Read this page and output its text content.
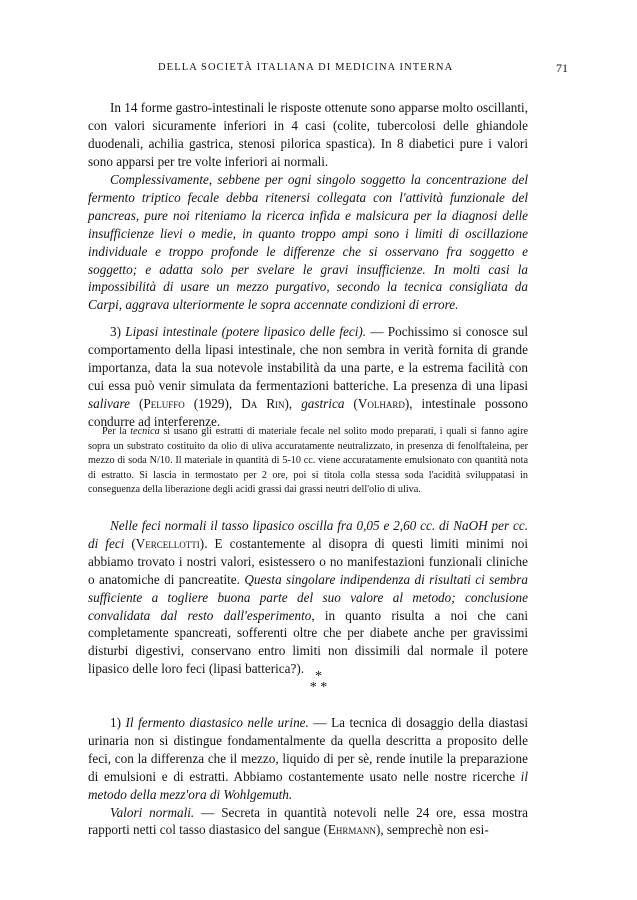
DELLA SOCIETÀ ITALIANA DI MEDICINA INTERNA	71

In 14 forme gastro-intestinali le risposte ottenute sono apparse molto oscillanti, con valori sicuramente inferiori in 4 casi (colite, tubercolosi delle ghiandole duodenali, achilia gastrica, stenosi pilorica spastica). In 8 diabetici pure i valori sono apparsi per tre volte inferiori ai normali.

Complessivamente, sebbene per ogni singolo soggetto la concentrazione del fermento triptico fecale debba ritenersi collegata con l'attività funzionale del pancreas, pure noi riteniamo la ricerca infida e malsicura per la diagnosi delle insufficienze lievi o medie, in quanto troppo ampi sono i limiti di oscillazione individuale e troppo profonde le differenze che si osservano fra soggetto e soggetto; e adatta solo per svelare le gravi insufficienze. In molti casi la impossibilità di usare un mezzo purgativo, secondo la tecnica consigliata da Carpi, aggrava ulteriormente le sopra accennate condizioni di errore.

3) Lipasi intestinale (potere lipasico delle feci). — Pochissimo si conosce sul comportamento della lipasi intestinale, che non sembra in verità fornita di grande importanza, data la sua notevole instabilità da una parte, e la estrema facilità con cui essa può venir simulata da fermentazioni batteriche. La presenza di una lipasi salivare (Peluffo (1929), Da Rin), gastrica (Volhard), intestinale possono condurre ad interferenze.

Per la tecnica si usano gli estratti di materiale fecale nel solito modo preparati, i quali si fanno agire sopra un substrato costituito da olio di uliva accuratamente neutralizzato, in presenza di fenolftaleina, per mezzo di soda N/10. Il materiale in quantità di 5-10 cc. viene accuratamente emulsionato con quantità nota di estratto. Si lascia in termostato per 2 ore, poi si titola colla stessa soda l'acidità sviluppatasi in conseguenza della liberazione degli acidi grassi dai grassi neutri dell'olio di uliva.

Nelle feci normali il tasso lipasico oscilla fra 0,05 e 2,60 cc. di NaOH per cc. di feci (Vercellotti). E costantemente al disopra di questi limiti minimi noi abbiamo trovato i nostri valori, esistessero o no manifestazioni funzionali cliniche o anatomiche di pancreatite. Questa singolare indipendenza di risultati ci sembra sufficiente a togliere buona parte del suo valore al metodo; conclusione convalidata dal resto dall'esperimento, in quanto risulta a noi che cani completamente spancreati, sofferenti oltre che per diabete anche per gravissimi disturbi digestivi, conservano entro limiti non dissimili dal normale il potere lipasico delle loro feci (lipasi batterica?).

*
* *

1) Il fermento diastasico nelle urine. — La tecnica di dosaggio della diastasi urinaria non si distingue fondamentalmente da quella descritta a proposito delle feci, con la differenza che il mezzo, liquido di per sè, rende inutile la preparazione di emulsioni e di estratti. Abbiamo costantemente usato nelle nostre ricerche il metodo della mezz'ora di Wohlgemuth.

Valori normali. — Secreta in quantità notevoli nelle 24 ore, essa mostra rapporti netti col tasso diastasico del sangue (Ehrmann), semprechè non esi-
